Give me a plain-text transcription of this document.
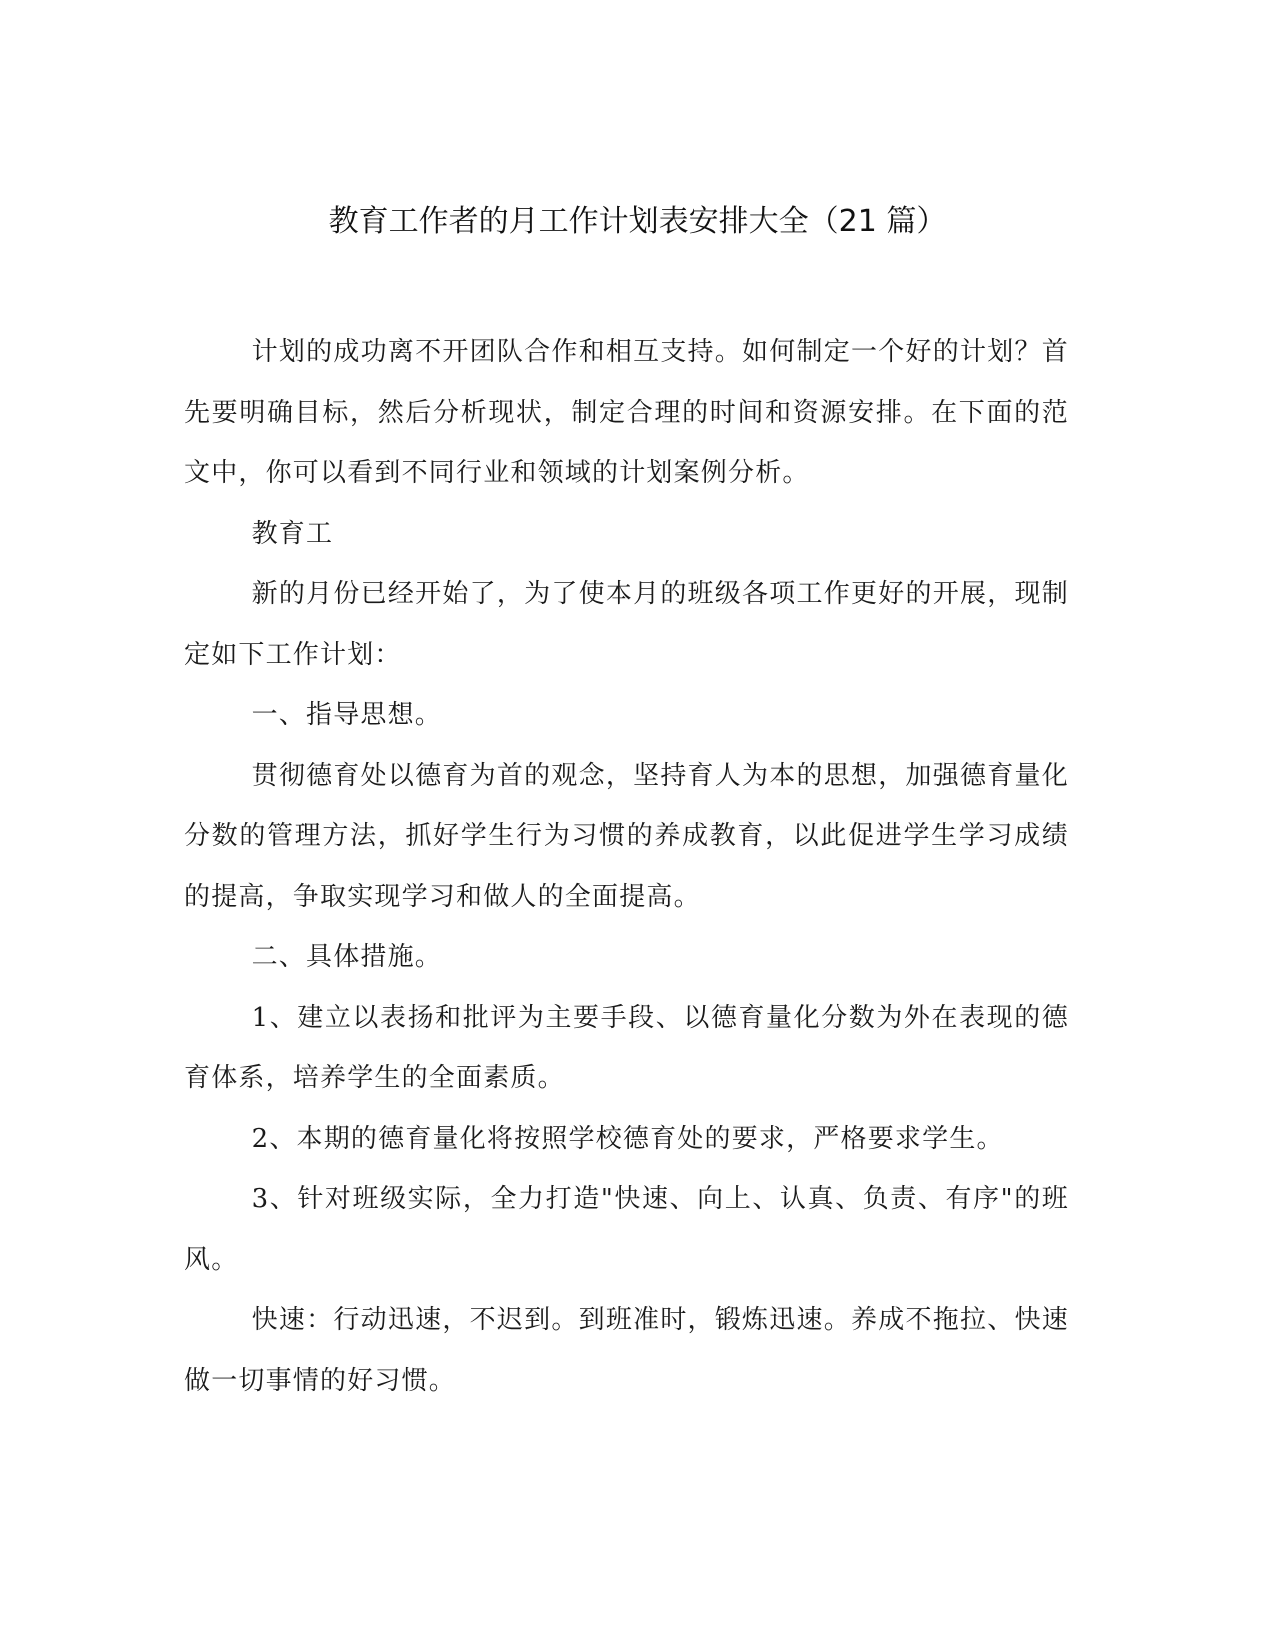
教育工作者的月工作计划表安排大全（21 篇）

计划的成功离不开团队合作和相互支持。如何制定一个好的计划？首先要明确目标，然后分析现状，制定合理的时间和资源安排。在下面的范文中，你可以看到不同行业和领域的计划案例分析。

教育工

新的月份已经开始了，为了使本月的班级各项工作更好的开展，现制定如下工作计划：

一、指导思想。

贯彻德育处以德育为首的观念，坚持育人为本的思想，加强德育量化分数的管理方法，抓好学生行为习惯的养成教育，以此促进学生学习成绩的提高，争取实现学习和做人的全面提高。

二、具体措施。

1、建立以表扬和批评为主要手段、以德育量化分数为外在表现的德育体系，培养学生的全面素质。

2、本期的德育量化将按照学校德育处的要求，严格要求学生。

3、针对班级实际，全力打造"快速、向上、认真、负责、有序"的班风。

快速：行动迅速，不迟到。到班准时，锻炼迅速。养成不拖拉、快速做一切事情的好习惯。
